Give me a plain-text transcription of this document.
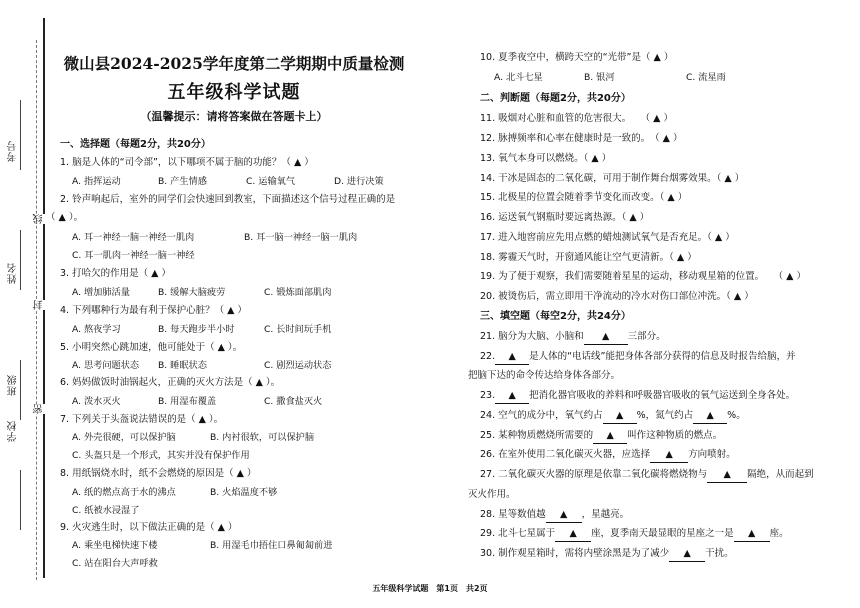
考号
姓名
班级
学校
线
封
密
微山县2024-2025学年度第二学期期中质量检测
五年级科学试题
（温馨提示：请将答案做在答题卡上）
一、选择题（每题2分，共20分）
1. 脑是人体的“司令部”，以下哪项不属于脑的功能？（ ▲ ）
A. 指挥运动	B. 产生情感	C. 运输氧气	D. 进行决策
2. 铃声响起后，室外的同学们会快速回到教室，下面描述这个信号过程正确的是
（ ▲ ）。
A. 耳一神经一脑一神经一肌肉	B. 耳一脑一神经一脑一肌肉
C. 耳一肌肉一神经一脑一神经
3. 打哈欠的作用是（ ▲ ）
A. 增加肺活量	B. 缓解大脑疲劳	C. 锻炼面部肌肉
4. 下列哪种行为最有利于保护心脏？（ ▲ ）
A. 熬夜学习	B. 每天跑步半小时	C. 长时间玩手机
5. 小明突然心跳加速，他可能处于（ ▲ ）。
A. 思考问题状态 B. 睡眠状态	C. 剧烈运动状态
6. 妈妈做饭时油锅起火，正确的灭火方法是（ ▲ ）。
A. 泼水灭火	B. 用湿布覆盖	C. 撒食盐灭火
7. 下列关于头盔说法错误的是（ ▲ ）。
A. 外壳很硬，可以保护脑	B. 内衬很软，可以保护脑
C. 头盔只是一个形式，其实并没有保护作用
8. 用纸锅烧水时，纸不会燃烧的原因是（ ▲ ）
A. 纸的燃点高于水的沸点	B. 火焰温度不够
C. 纸被水浸湿了
9. 火灾逃生时，以下做法正确的是（ ▲ ）
A. 乘坐电梯快速下楼	B. 用湿毛巾捂住口鼻匍匐前进
C. 站在阳台大声呼救
10. 夏季夜空中，横跨天空的“光带”是（ ▲ ）
A. 北斗七星	B. 银河	C. 流星雨
二、判断题（每题2分，共20分）
11. 吸烟对心脏和血管的危害很大。　　（ ▲ ）
12. 脉搏频率和心率在健康时是一致的。　（ ▲ ）
13. 氧气本身可以燃烧。（ ▲ ）
14. 干冰是固态的二氧化碳，可用于制作舞台烟雾效果。（ ▲ ）
15. 北极星的位置会随着季节变化而改变。（ ▲ ）
16. 运送氧气钢瓶时要远离热源。（ ▲ ）
17. 进入地窖前应先用点燃的蜡烛测试氧气是否充足。（ ▲ ）
18. 雾霾天气时，开窗通风能让空气更清新。（ ▲ ）
19. 为了便于观察，我们需要随着星星的运动，移动观星箱的位置。　　（ ▲ ）
20. 被烫伤后，需立即用干净流动的冷水对伤口部位冲洗。（ ▲ ）
三、填空题（每空2分，共24分）
21. 脑分为大脑、小脑和 ▲ 三部分。
22. ▲ 是人体的“电话线”能把身体各部分获得的信息及时报告给脑，并
把脑下达的命令传达给身体各部分。
23. ▲ 把消化器官吸收的养料和呼吸器官吸收的氧气运送到全身各处。
24. 空气的成分中，氧气约占 ▲ %，氮气约占 ▲ %。
25. 某种物质燃烧所需要的 ▲ 叫作这种物质的燃点。
26. 在室外使用二氧化碳灭火器，应选择 ▲ 方向喷射。
27. 二氧化碳灭火器的原理是依靠二氧化碳将燃烧物与 ▲ 隔绝，从而起到
灭火作用。
28. 星等数值越 ▲ ，星越亮。
29. 北斗七星属于 ▲ 座，夏季南天最显眼的星座之一是 ▲ 座。
30. 制作观星箱时，需将内壁涂黑是为了减少 ▲ 干扰。
五年级科学试题　第1页　共2页
